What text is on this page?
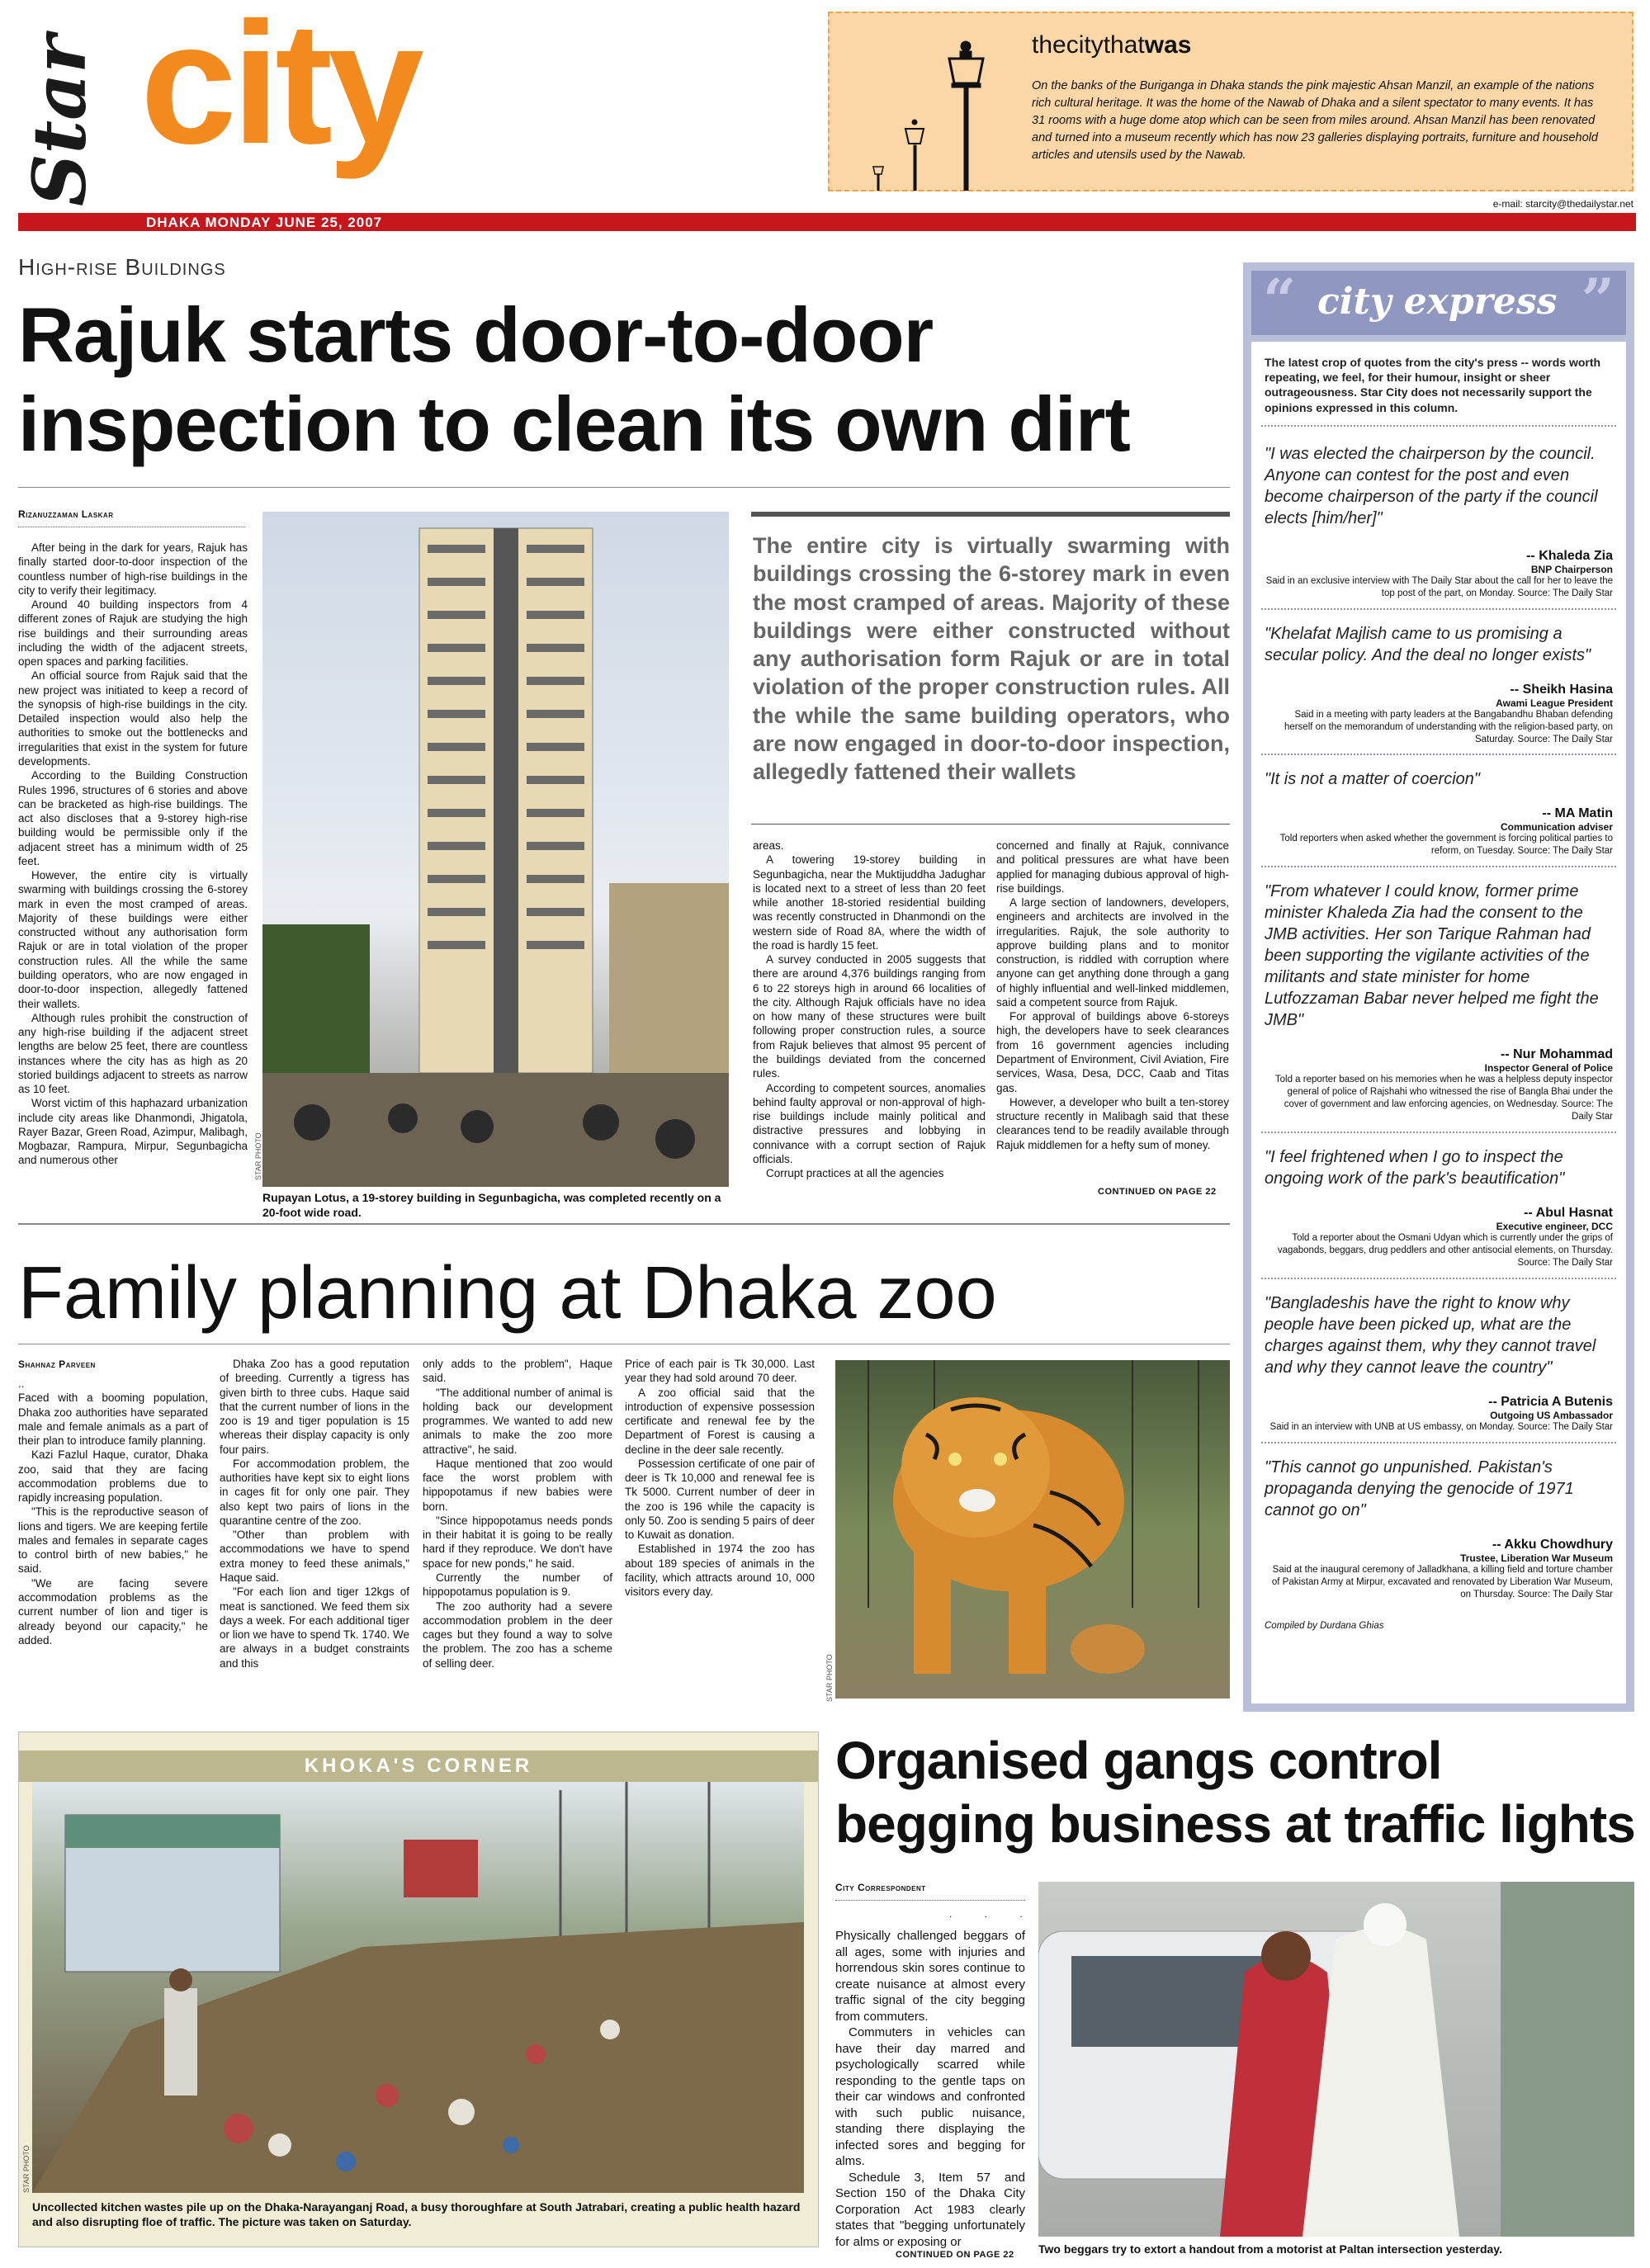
Star city
DHAKA MONDAY JUNE 25, 2007
e-mail: starcity@thedailystar.net
thecitythatwas
On the banks of the Buriganga in Dhaka stands the pink majestic Ahsan Manzil, an example of the nations rich cultural heritage. It was the home of the Nawab of Dhaka and a silent spectator to many events. It has 31 rooms with a huge dome atop which can be seen from miles around. Ahsan Manzil has been renovated and turned into a museum recently which has now 23 galleries displaying portraits, furniture and household articles and utensils used by the Nawab.
High-rise Buildings
Rajuk starts door-to-door inspection to clean its own dirt
Rizanuzzaman Laskar

After being in the dark for years, Rajuk has finally started door-to-door inspection of the countless number of high-rise buildings in the city to verify their legitimacy.

Around 40 building inspectors from 4 different zones of Rajuk are studying the high rise buildings and their surrounding areas including the width of the adjacent streets, open spaces and parking facilities.

An official source from Rajuk said that the new project was initiated to keep a record of the synopsis of high-rise buildings in the city. Detailed inspection would also help the authorities to smoke out the bottlenecks and irregularities that exist in the system for future developments.

According to the Building Construction Rules 1996, structures of 6 stories and above can be bracketed as high-rise buildings. The act also discloses that a 9-storey high-rise building would be permissible only if the adjacent street has a minimum width of 25 feet.

However, the entire city is virtually swarming with buildings crossing the 6-storey mark in even the most cramped of areas. Majority of these buildings were either constructed without any authorisation form Rajuk or are in total violation of the proper construction rules. All the while the same building operators, who are now engaged in door-to-door inspection, allegedly fattened their wallets.

Although rules prohibit the construction of any high-rise building if the adjacent street lengths are below 25 feet, there are countless instances where the city has as high as 20 storied buildings adjacent to streets as narrow as 10 feet.

Worst victim of this haphazard urbanization include city areas like Dhanmondi, Jhigatola, Rayer Bazar, Green Road, Azimpur, Malibagh, Mogbazar, Rampura, Mirpur, Segunbagicha and numerous other	STAR PHOTO
Rupayan Lotus, a 19-storey building in Segunbagicha, was completed recently on a 20-foot wide road.
The entire city is virtually swarming with buildings crossing the 6-storey mark in even the most cramped of areas. Majority of these buildings were either constructed without any authorisation form Rajuk or are in total violation of the proper construction rules. All the while the same building operators, who are now engaged in door-to-door inspection, allegedly fattened their wallets

areas.

A towering 19-storey building in Segunbagicha, near the Muktijuddha Jadughar is located next to a street of less than 20 feet while another 18-storied residential building was recently constructed in Dhanmondi on the western side of Road 8A, where the width of the road is hardly 15 feet.

A survey conducted in 2005 suggests that there are around 4,376 buildings ranging from 6 to 22 storeys high in around 66 localities of the city. Although Rajuk officials have no idea on how many of these structures were built following proper construction rules, a source from Rajuk believes that almost 95 percent of the buildings deviated from the concerned rules.

According to competent sources, anomalies behind faulty approval or non-approval of high-rise buildings include mainly political and distractive pressures and lobbying in connivance with a corrupt section of Rajuk officials.

Corrupt practices at all the agencies

concerned and finally at Rajuk, connivance and political pressures are what have been applied for managing dubious approval of high-rise buildings.

A large section of landowners, developers, engineers and architects are involved in the irregularities. Rajuk, the sole authority to approve building plans and to monitor construction, is riddled with corruption where anyone can get anything done through a gang of highly influential and well-linked middlemen, said a competent source from Rajuk.

For approval of buildings above 6-storeys high, the developers have to seek clearances from 16 government agencies including Department of Environment, Civil Aviation, Fire services, Wasa, Desa, DCC, Caab and Titas gas.

However, a developer who built a ten-storey structure recently in Malibagh said that these clearances tend to be readily available through Rajuk middlemen for a hefty sum of money.

CONTINUED ON PAGE 22
Family planning at Dhaka zoo
Shahnaz Parveen

..

Faced with a booming population, Dhaka zoo authorities have separated male and female animals as a part of their plan to introduce family planning.

Kazi Fazlul Haque, curator, Dhaka zoo, said that they are facing accommodation problems due to rapidly increasing population.

"This is the reproductive season of lions and tigers. We are keeping fertile males and females in separate cages to control birth of new babies," he said.

"We are facing severe accommodation problems as the current number of lion and tiger is already beyond our capacity," he added.

Dhaka Zoo has a good reputation of breeding. Currently a tigress has given birth to three cubs. Haque said that the current number of lions in the zoo is 19 and tiger population is 15 whereas their display capacity is only four pairs.

For accommodation problem, the authorities have kept six to eight lions in cages fit for only one pair. They also kept two pairs of lions in the quarantine centre of the zoo.

"Other than problem with accommodations we have to spend extra money to feed these animals," Haque said.

"For each lion and tiger 12kgs of meat is sanctioned. We feed them six days a week. For each additional tiger or lion we have to spend Tk. 1740. We are always in a budget constraints and this

only adds to the problem", Haque said.

"The additional number of animal is holding back our development programmes. We wanted to add new animals to make the zoo more attractive", he said.

Haque mentioned that zoo would face the worst problem with hippopotamus if new babies were born.

"Since hippopotamus needs ponds in their habitat it is going to be really hard if they reproduce. We don't have space for new ponds," he said.

Currently the number of hippopotamus population is 9.

The zoo authority had a severe accommodation problem in the deer cages but they found a way to solve the problem. The zoo has a scheme of selling deer.

Price of each pair is Tk 30,000. Last year they had sold around 70 deer.

A zoo official said that the introduction of expensive possession certificate and renewal fee by the Department of Forest is causing a decline in the deer sale recently.

Possession certificate of one pair of deer is Tk 10,000 and renewal fee is Tk 5000. Current number of deer in the zoo is 196 while the capacity is only 50. Zoo is sending 5 pairs of deer to Kuwait as donation.

Established in 1974 the zoo has about 189 species of animals in the facility, which attracts around 10, 000 visitors every day.

STAR PHOTO
“ city express ”
The latest crop of quotes from the city's press -- words worth repeating, we feel, for their humour, insight or sheer outrageousness. Star City does not necessarily support the opinions expressed in this column.
"I was elected the chairperson by the council. Anyone can contest for the post and even become chairperson of the party if the council elects [him/her]"
-- Khaleda Zia
BNP Chairperson
Said in an exclusive interview with The Daily Star about the call for her to leave the top post of the part, on Monday. Source: The Daily Star
"Khelafat Majlish came to us promising a secular policy. And the deal no longer exists"
-- Sheikh Hasina
Awami League President
Said in a meeting with party leaders at the Bangabandhu Bhaban defending herself on the memorandum of understanding with the religion-based party, on Saturday. Source: The Daily Star
"It is not a matter of coercion"
-- MA Matin
Communication adviser
Told reporters when asked whether the government is forcing political parties to reform, on Tuesday. Source: The Daily Star
"From whatever I could know, former prime minister Khaleda Zia had the consent to the JMB activities. Her son Tarique Rahman had been supporting the vigilante activities of the militants and state minister for home Lutfozzaman Babar never helped me fight the JMB"
-- Nur Mohammad
Inspector General of Police
Told a reporter based on his memories when he was a helpless deputy inspector general of police of Rajshahi who witnessed the rise of Bangla Bhai under the cover of government and law enforcing agencies, on Wednesday. Source: The Daily Star
"I feel frightened when I go to inspect the ongoing work of the park's beautification"
-- Abul Hasnat
Executive engineer, DCC
Told a reporter about the Osmani Udyan which is currently under the grips of vagabonds, beggars, drug peddlers and other antisocial elements, on Thursday. Source: The Daily Star
"Bangladeshis have the right to know why people have been picked up, what are the charges against them, why they cannot travel and why they cannot leave the country"
-- Patricia A Butenis
Outgoing US Ambassador
Said in an interview with UNB at US embassy, on Monday. Source: The Daily Star
"This cannot go unpunished. Pakistan's propaganda denying the genocide of 1971 cannot go on"
-- Akku Chowdhury
Trustee, Liberation War Museum
Said at the inaugural ceremony of Jalladkhana, a killing field and torture chamber of Pakistan Army at Mirpur, excavated and renovated by Liberation War Museum, on Thursday. Source: The Daily Star
Compiled by Durdana Ghias
KHOKA'S CORNER
STAR PHOTO
Uncollected kitchen wastes pile up on the Dhaka-Narayanganj Road, a busy thoroughfare at South Jatrabari, creating a public health hazard and also disrupting floe of traffic. The picture was taken on Saturday.
Organised gangs control begging business at traffic lights
City Correspondent
. . .

Physically challenged beggars of all ages, some with injuries and horrendous skin sores continue to create nuisance at almost every traffic signal of the city begging from commuters.

Commuters in vehicles can have their day marred and psychologically scarred while responding to the gentle taps on their car windows and confronted with such public nuisance, standing there displaying the infected sores and begging for alms.

Schedule 3, Item 57 and Section 150 of the Dhaka City Corporation Act 1983 clearly states that "begging unfortunately for alms or exposing or

CONTINUED ON PAGE 22 Two beggars try to extort a handout from a motorist at Paltan intersection yesterday.
